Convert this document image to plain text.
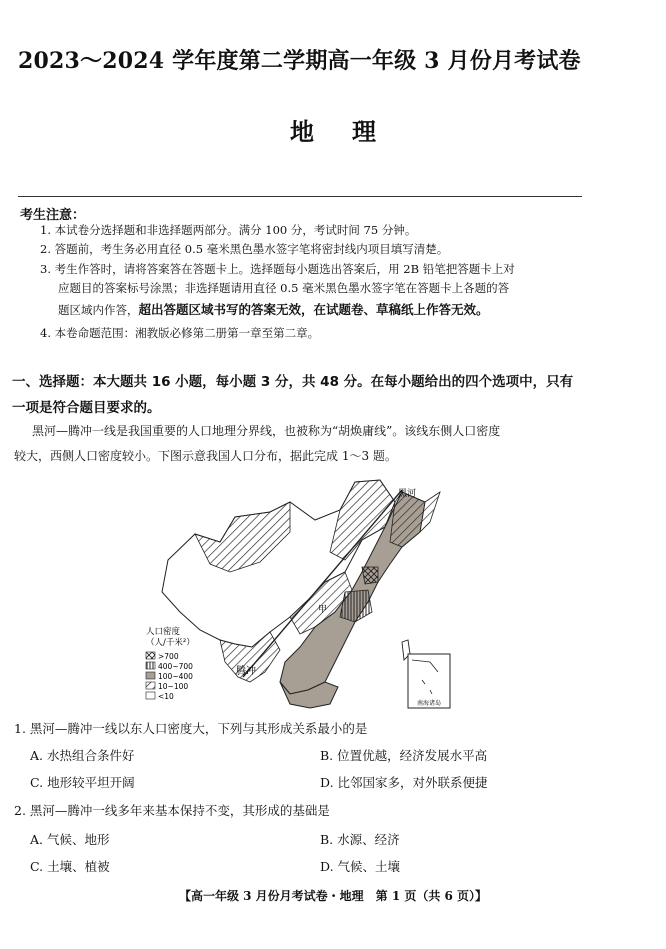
2023～2024 学年度第二学期高一年级 3 月份月考试卷
地理
考生注意：
1. 本试卷分选择题和非选择题两部分。满分 100 分，考试时间 75 分钟。
2. 答题前，考生务必用直径 0.5 毫米黑色墨水签字笔将密封线内项目填写清楚。
3. 考生作答时，请将答案答在答题卡上。选择题每小题选出答案后，用 2B 铅笔把答题卡上对
应题目的答案标号涂黑；非选择题请用直径 0.5 毫米黑色墨水签字笔在答题卡上各题的答
题区域内作答，超出答题区域书写的答案无效，在试题卷、草稿纸上作答无效。
4. 本卷命题范围：湘教版必修第二册第一章至第二章。
一、选择题：本大题共 16 小题，每小题 3 分，共 48 分。在每小题给出的四个选项中，只有一项是符合题目要求的。
黑河—腾冲一线是我国重要的人口地理分界线，也被称为“胡焕庸线”。该线东侧人口密度
较大，西侧人口密度较小。下图示意我国人口分布，据此完成 1～3 题。
南海诸岛
黑河
甲
腾冲
人口密度
（人/千米²）
>700
400~700
100~400
10~100
<10
1. 黑河—腾冲一线以东人口密度大，下列与其形成关系最小的是
A. 水热组合条件好	B. 位置优越，经济发展水平高
C. 地形较平坦开阔	D. 比邻国家多，对外联系便捷
2. 黑河—腾冲一线多年来基本保持不变，其形成的基础是
A. 气候、地形	B. 水源、经济
C. 土壤、植被	D. 气候、土壤
【高一年级 3 月份月考试卷・地理　第 1 页（共 6 页）】
